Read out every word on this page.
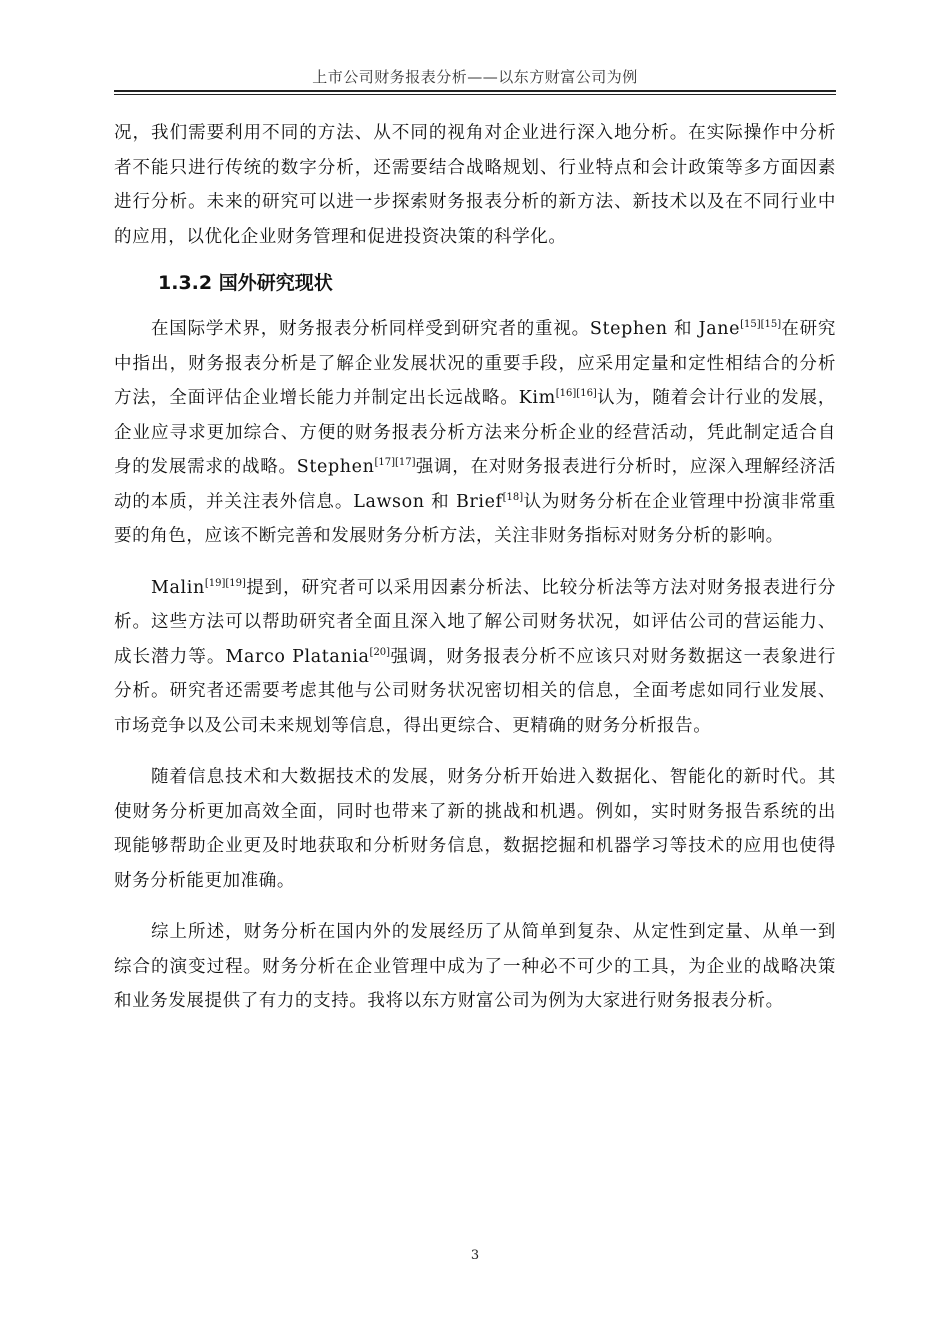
上市公司财务报表分析——以东方财富公司为例

况，我们需要利用不同的方法、从不同的视角对企业进行深入地分析。在实际操作中分析者不能只进行传统的数字分析，还需要结合战略规划、行业特点和会计政策等多方面因素进行分析。未来的研究可以进一步探索财务报表分析的新方法、新技术以及在不同行业中的应用，以优化企业财务管理和促进投资决策的科学化。

1.3.2 国外研究现状

在国际学术界，财务报表分析同样受到研究者的重视。Stephen 和 Jane[15][15]在研究中指出，财务报表分析是了解企业发展状况的重要手段，应采用定量和定性相结合的分析方法，全面评估企业增长能力并制定出长远战略。Kim[16][16]认为，随着会计行业的发展，企业应寻求更加综合、方便的财务报表分析方法来分析企业的经营活动，凭此制定适合自身的发展需求的战略。Stephen[17][17]强调，在对财务报表进行分析时，应深入理解经济活动的本质，并关注表外信息。Lawson 和 Brief[18]认为财务分析在企业管理中扮演非常重要的角色，应该不断完善和发展财务分析方法，关注非财务指标对财务分析的影响。

Malin[19][19]提到，研究者可以采用因素分析法、比较分析法等方法对财务报表进行分析。这些方法可以帮助研究者全面且深入地了解公司财务状况，如评估公司的营运能力、成长潜力等。Marco Platania[20]强调，财务报表分析不应该只对财务数据这一表象进行分析。研究者还需要考虑其他与公司财务状况密切相关的信息，全面考虑如同行业发展、市场竞争以及公司未来规划等信息，得出更综合、更精确的财务分析报告。

随着信息技术和大数据技术的发展，财务分析开始进入数据化、智能化的新时代。其使财务分析更加高效全面，同时也带来了新的挑战和机遇。例如，实时财务报告系统的出现能够帮助企业更及时地获取和分析财务信息，数据挖掘和机器学习等技术的应用也使得财务分析能更加准确。

综上所述，财务分析在国内外的发展经历了从简单到复杂、从定性到定量、从单一到综合的演变过程。财务分析在企业管理中成为了一种必不可少的工具，为企业的战略决策和业务发展提供了有力的支持。我将以东方财富公司为例为大家进行财务报表分析。

3
